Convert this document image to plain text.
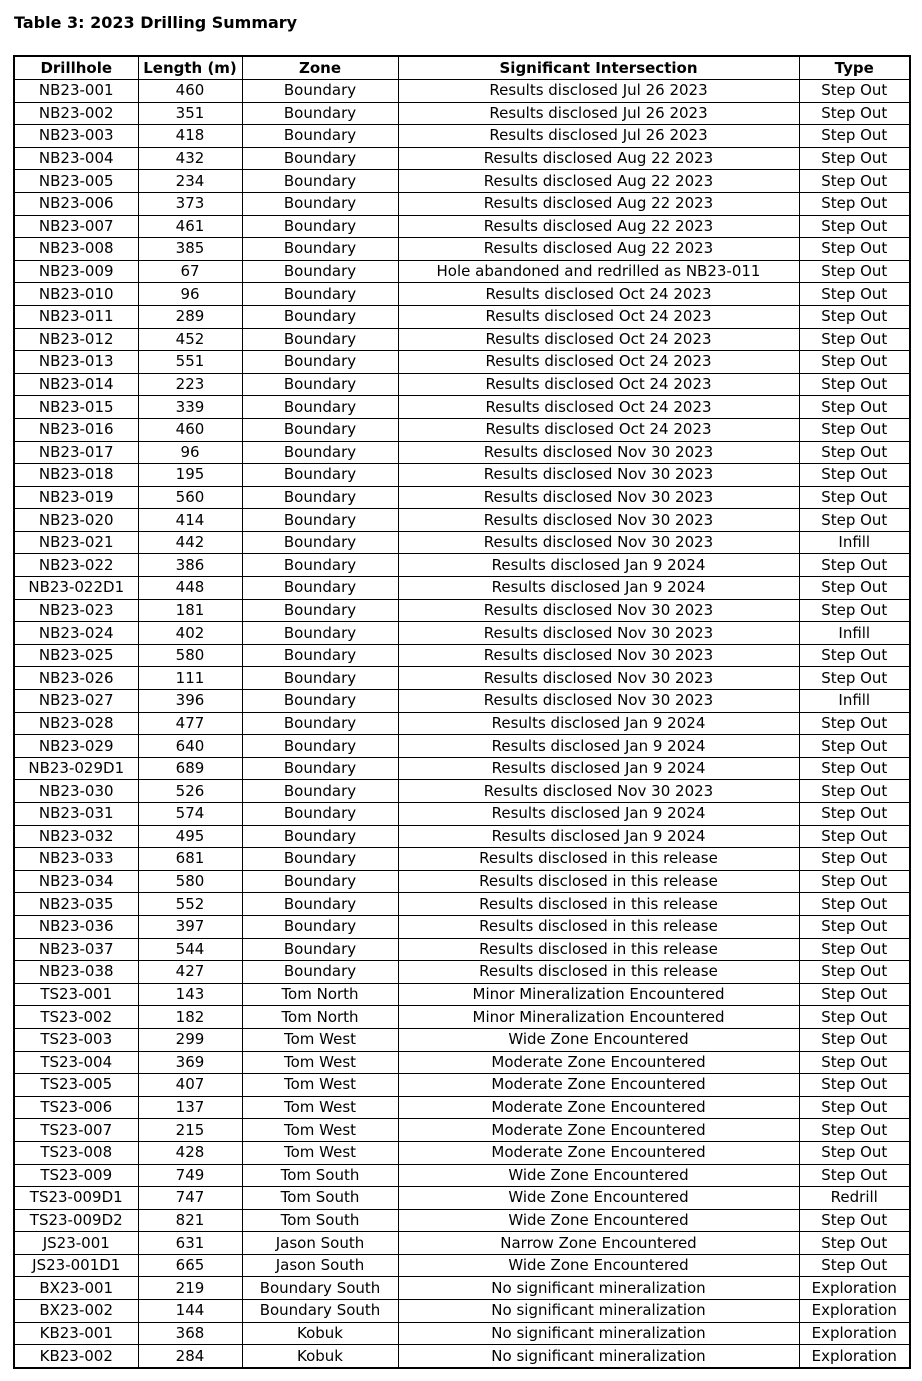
Table 3: 2023 Drilling Summary
Drillhole	Length (m)	Zone	Significant Intersection	Type
NB23-001	460	Boundary	Results disclosed Jul 26 2023	Step Out
NB23-002	351	Boundary	Results disclosed Jul 26 2023	Step Out
NB23-003	418	Boundary	Results disclosed Jul 26 2023	Step Out
NB23-004	432	Boundary	Results disclosed Aug 22 2023	Step Out
NB23-005	234	Boundary	Results disclosed Aug 22 2023	Step Out
NB23-006	373	Boundary	Results disclosed Aug 22 2023	Step Out
NB23-007	461	Boundary	Results disclosed Aug 22 2023	Step Out
NB23-008	385	Boundary	Results disclosed Aug 22 2023	Step Out
NB23-009	67	Boundary	Hole abandoned and redrilled as NB23-011	Step Out
NB23-010	96	Boundary	Results disclosed Oct 24 2023	Step Out
NB23-011	289	Boundary	Results disclosed Oct 24 2023	Step Out
NB23-012	452	Boundary	Results disclosed Oct 24 2023	Step Out
NB23-013	551	Boundary	Results disclosed Oct 24 2023	Step Out
NB23-014	223	Boundary	Results disclosed Oct 24 2023	Step Out
NB23-015	339	Boundary	Results disclosed Oct 24 2023	Step Out
NB23-016	460	Boundary	Results disclosed Oct 24 2023	Step Out
NB23-017	96	Boundary	Results disclosed Nov 30 2023	Step Out
NB23-018	195	Boundary	Results disclosed Nov 30 2023	Step Out
NB23-019	560	Boundary	Results disclosed Nov 30 2023	Step Out
NB23-020	414	Boundary	Results disclosed Nov 30 2023	Step Out
NB23-021	442	Boundary	Results disclosed Nov 30 2023	Infill
NB23-022	386	Boundary	Results disclosed Jan 9 2024	Step Out
NB23-022D1	448	Boundary	Results disclosed Jan 9 2024	Step Out
NB23-023	181	Boundary	Results disclosed Nov 30 2023	Step Out
NB23-024	402	Boundary	Results disclosed Nov 30 2023	Infill
NB23-025	580	Boundary	Results disclosed Nov 30 2023	Step Out
NB23-026	111	Boundary	Results disclosed Nov 30 2023	Step Out
NB23-027	396	Boundary	Results disclosed Nov 30 2023	Infill
NB23-028	477	Boundary	Results disclosed Jan 9 2024	Step Out
NB23-029	640	Boundary	Results disclosed Jan 9 2024	Step Out
NB23-029D1	689	Boundary	Results disclosed Jan 9 2024	Step Out
NB23-030	526	Boundary	Results disclosed Nov 30 2023	Step Out
NB23-031	574	Boundary	Results disclosed Jan 9 2024	Step Out
NB23-032	495	Boundary	Results disclosed Jan 9 2024	Step Out
NB23-033	681	Boundary	Results disclosed in this release	Step Out
NB23-034	580	Boundary	Results disclosed in this release	Step Out
NB23-035	552	Boundary	Results disclosed in this release	Step Out
NB23-036	397	Boundary	Results disclosed in this release	Step Out
NB23-037	544	Boundary	Results disclosed in this release	Step Out
NB23-038	427	Boundary	Results disclosed in this release	Step Out
TS23-001	143	Tom North	Minor Mineralization Encountered	Step Out
TS23-002	182	Tom North	Minor Mineralization Encountered	Step Out
TS23-003	299	Tom West	Wide Zone Encountered	Step Out
TS23-004	369	Tom West	Moderate Zone Encountered	Step Out
TS23-005	407	Tom West	Moderate Zone Encountered	Step Out
TS23-006	137	Tom West	Moderate Zone Encountered	Step Out
TS23-007	215	Tom West	Moderate Zone Encountered	Step Out
TS23-008	428	Tom West	Moderate Zone Encountered	Step Out
TS23-009	749	Tom South	Wide Zone Encountered	Step Out
TS23-009D1	747	Tom South	Wide Zone Encountered	Redrill
TS23-009D2	821	Tom South	Wide Zone Encountered	Step Out
JS23-001	631	Jason South	Narrow Zone Encountered	Step Out
JS23-001D1	665	Jason South	Wide Zone Encountered	Step Out
BX23-001	219	Boundary South	No significant mineralization	Exploration
BX23-002	144	Boundary South	No significant mineralization	Exploration
KB23-001	368	Kobuk	No significant mineralization	Exploration
KB23-002	284	Kobuk	No significant mineralization	Exploration
